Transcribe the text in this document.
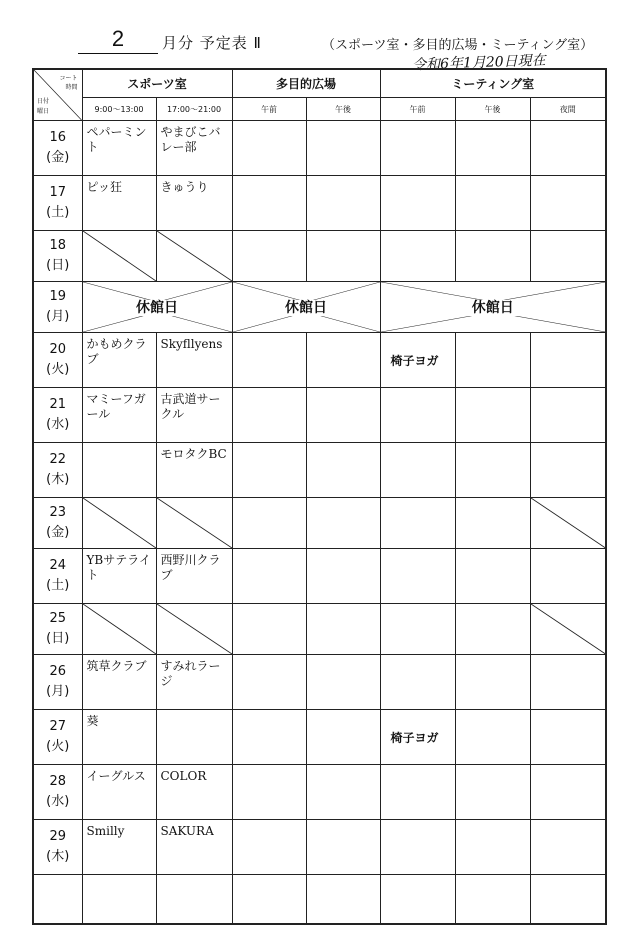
2	月分 予定表 Ⅱ	（スポーツ室・多目的広場・ミーティング室）
令和6年1月20日現在
コート
時間
日付
曜日	スポーツ室		多目的広場		ミーティング室		
	9:00〜13:00	17:00〜21:00	午前	午後	午前	午後	夜間

16
(金)	ペパーミント	やまびこバレー部					

17
(土)	ピッ狂	きゅうり					

18
(日)

19
(月)	休館日		休館日		休館日		

20
(火)	かもめクラブ	Skyfllyens			椅子ヨガ		

21
(水)	マミーフガール	古武道サークル					

22
(木)		モロタクBC					

23
(金)

24
(土)	YBサテライト	西野川クラブ					

25
(日)

26
(月)	筑草クラブ	すみれラージ					

27
(火)	葵				椅子ヨガ		

28
(水)	イーグルス	COLOR					

29
(木)	Smilly	SAKURA					
